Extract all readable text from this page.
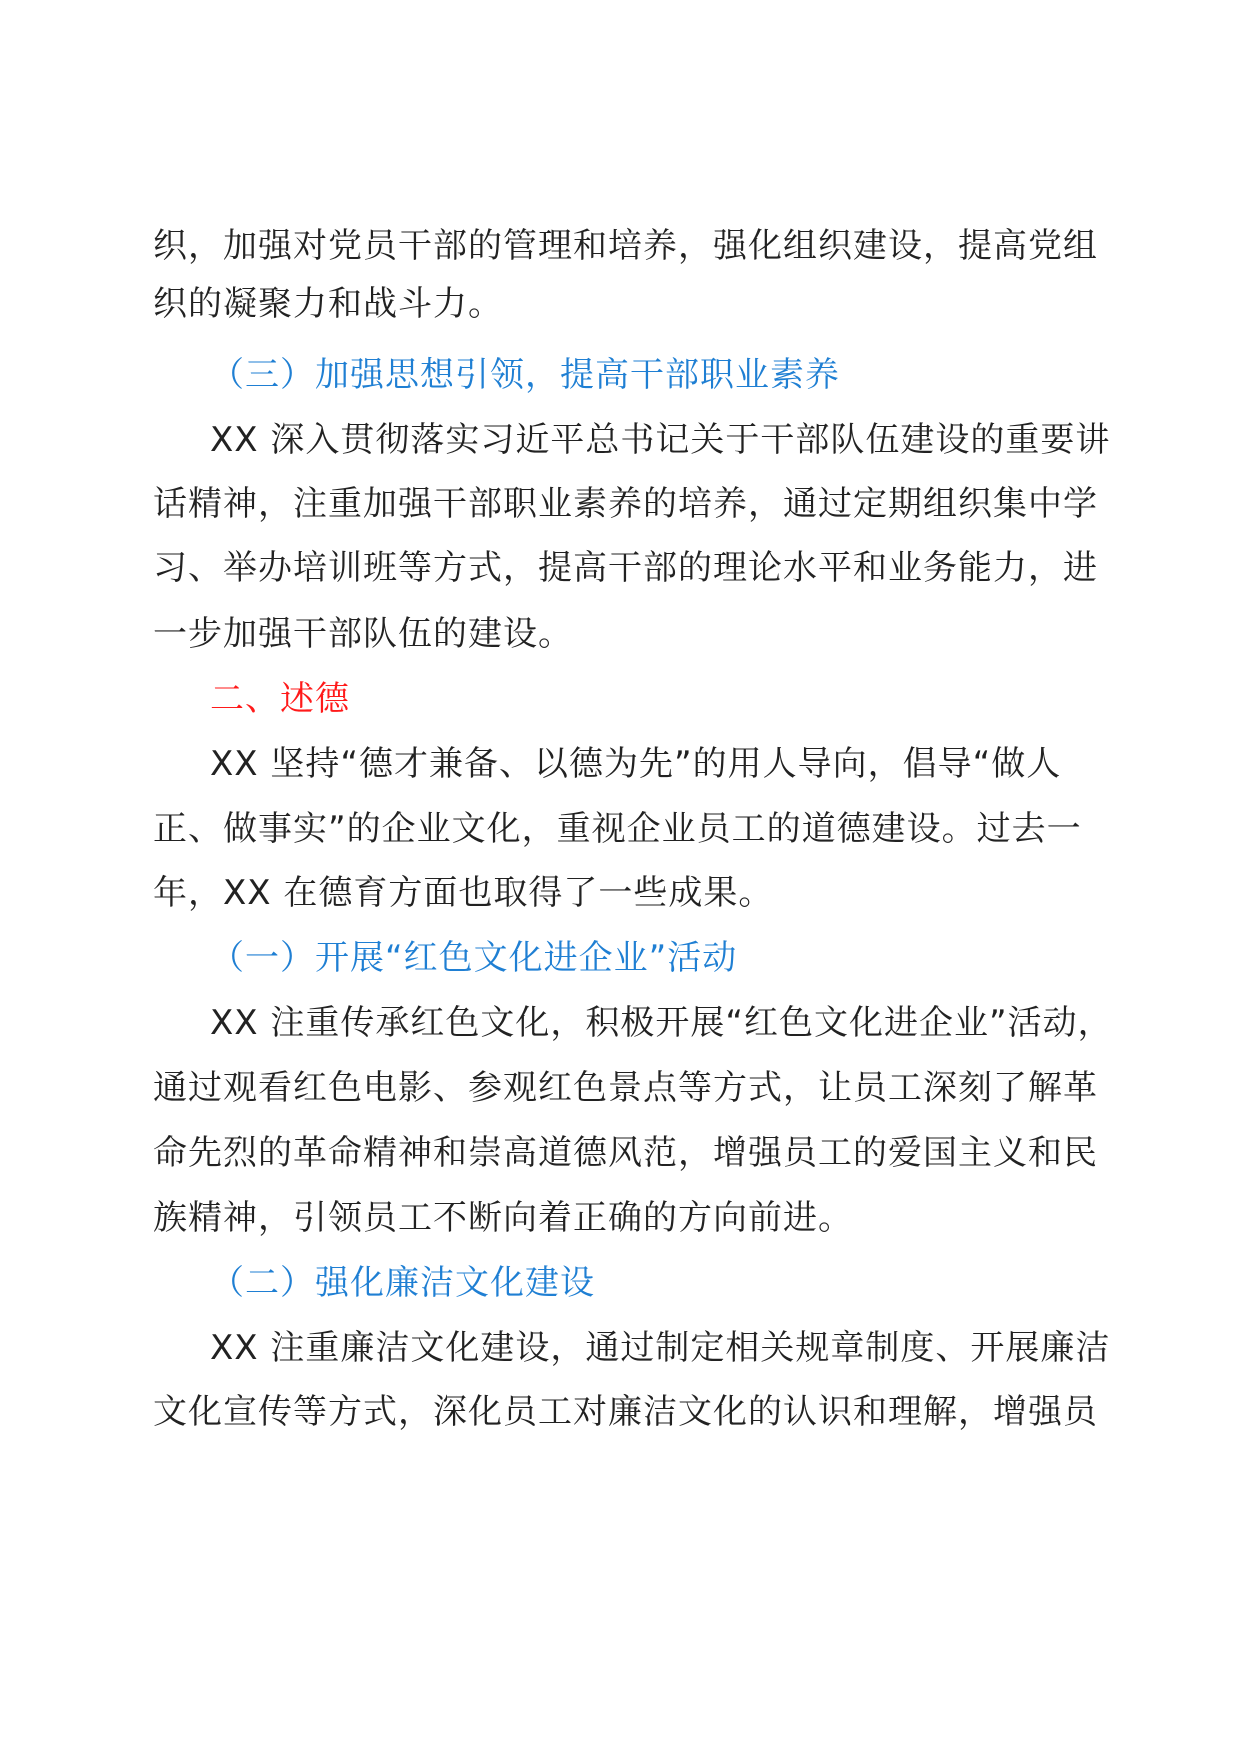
织，加强对党员干部的管理和培养，强化组织建设，提高党组
织的凝聚力和战斗力。
（三）加强思想引领，提高干部职业素养
XX 深入贯彻落实习近平总书记关于干部队伍建设的重要讲
话精神，注重加强干部职业素养的培养，通过定期组织集中学
习、举办培训班等方式，提高干部的理论水平和业务能力，进
一步加强干部队伍的建设。
二、述德
XX 坚持“德才兼备、以德为先”的用人导向，倡导“做人
正、做事实”的企业文化，重视企业员工的道德建设。过去一
年，XX 在德育方面也取得了一些成果。
（一）开展“红色文化进企业”活动
XX 注重传承红色文化，积极开展“红色文化进企业”活动，
通过观看红色电影、参观红色景点等方式，让员工深刻了解革
命先烈的革命精神和崇高道德风范，增强员工的爱国主义和民
族精神，引领员工不断向着正确的方向前进。
（二）强化廉洁文化建设
XX 注重廉洁文化建设，通过制定相关规章制度、开展廉洁
文化宣传等方式，深化员工对廉洁文化的认识和理解，增强员
